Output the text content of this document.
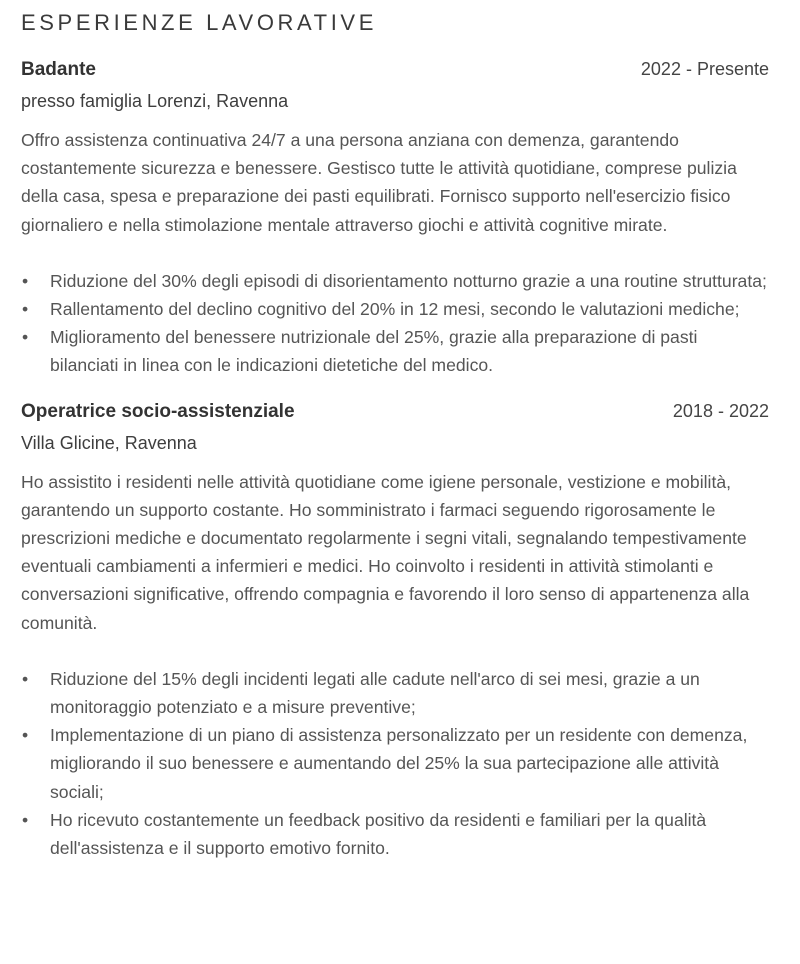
ESPERIENZE LAVORATIVE
Badante	2022 - Presente
presso famiglia Lorenzi, Ravenna

Offro assistenza continuativa 24/7 a una persona anziana con demenza, garantendo costantemente sicurezza e benessere. Gestisco tutte le attività quotidiane, comprese pulizia della casa, spesa e preparazione dei pasti equilibrati. Fornisco supporto nell'esercizio fisico giornaliero e nella stimolazione mentale attraverso giochi e attività cognitive mirate.

• Riduzione del 30% degli episodi di disorientamento notturno grazie a una routine strutturata;
• Rallentamento del declino cognitivo del 20% in 12 mesi, secondo le valutazioni mediche;
• Miglioramento del benessere nutrizionale del 25%, grazie alla preparazione di pasti bilanciati in linea con le indicazioni dietetiche del medico.
Operatrice socio-assistenziale	2018 - 2022
Villa Glicine, Ravenna

Ho assistito i residenti nelle attività quotidiane come igiene personale, vestizione e mobilità, garantendo un supporto costante. Ho somministrato i farmaci seguendo rigorosamente le prescrizioni mediche e documentato regolarmente i segni vitali, segnalando tempestivamente eventuali cambiamenti a infermieri e medici. Ho coinvolto i residenti in attività stimolanti e conversazioni significative, offrendo compagnia e favorendo il loro senso di appartenenza alla comunità.

• Riduzione del 15% degli incidenti legati alle cadute nell'arco di sei mesi, grazie a un monitoraggio potenziato e a misure preventive;
• Implementazione di un piano di assistenza personalizzato per un residente con demenza, migliorando il suo benessere e aumentando del 25% la sua partecipazione alle attività sociali;
• Ho ricevuto costantemente un feedback positivo da residenti e familiari per la qualità dell'assistenza e il supporto emotivo fornito.
